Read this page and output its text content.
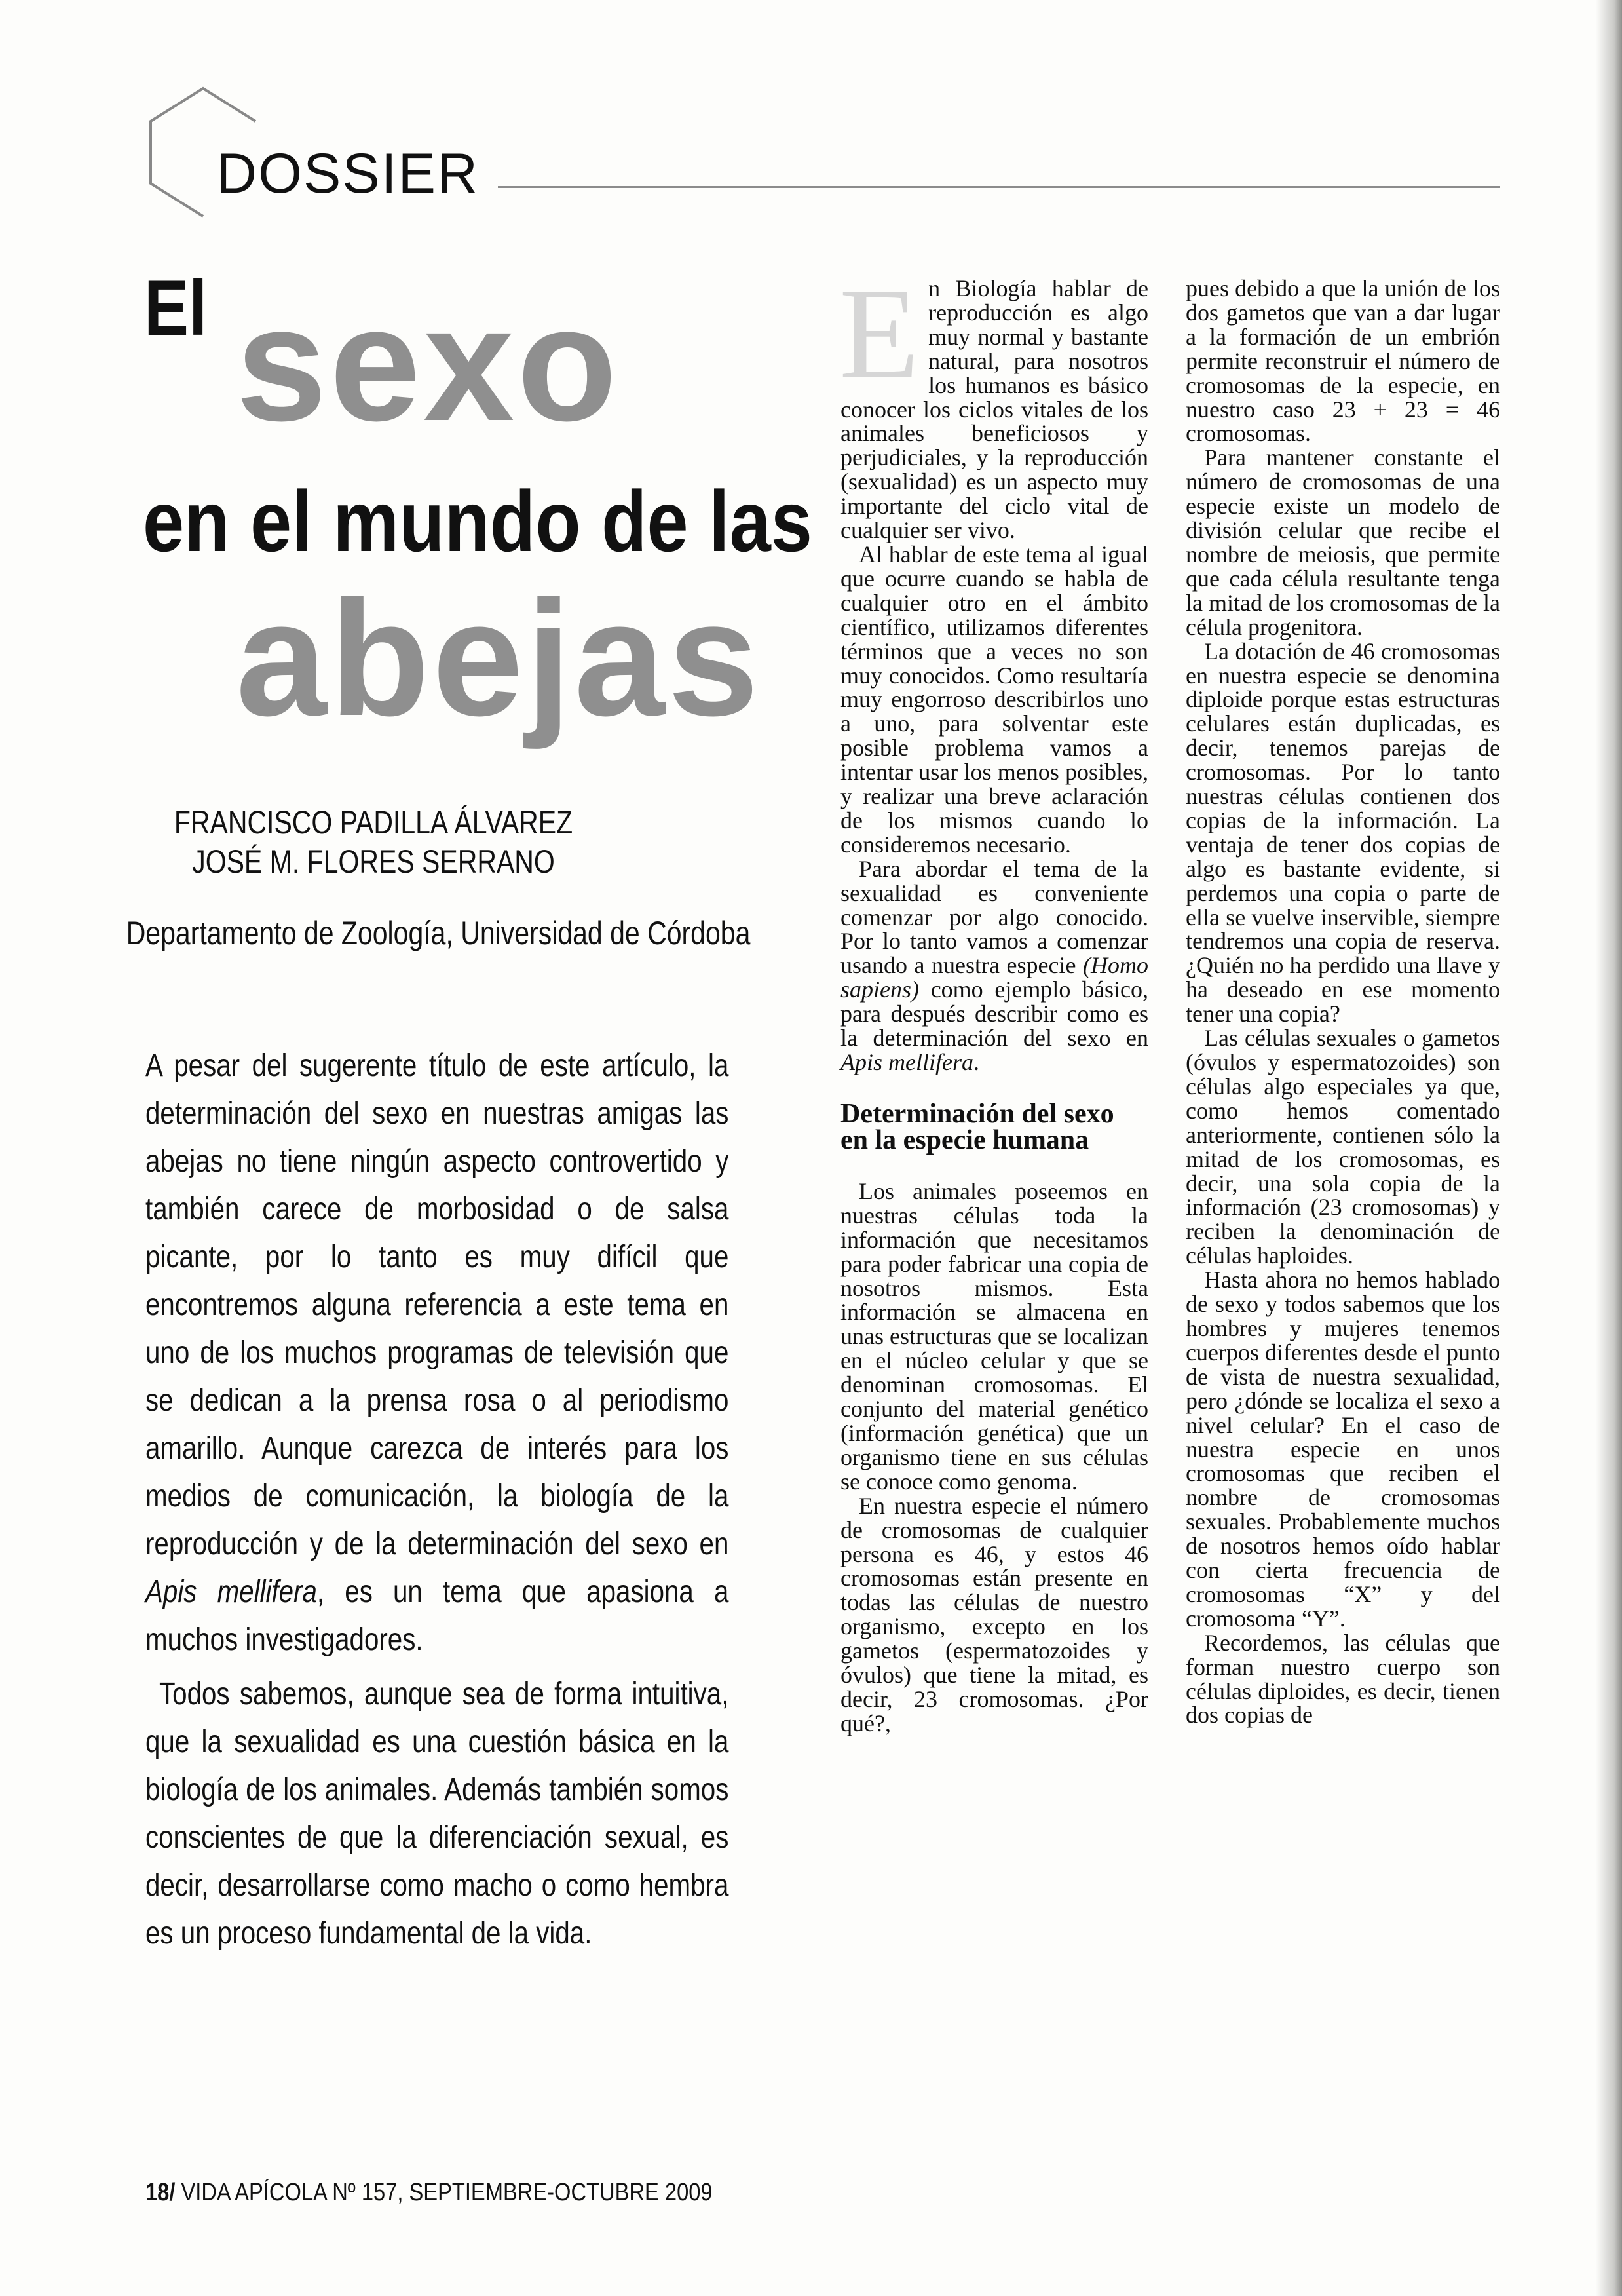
DOSSIER
El sexo
en el mundo de las
abejas
FRANCISCO PADILLA ÁLVAREZ
JOSÉ M. FLORES SERRANO
Departamento de Zoología, Universidad de Córdoba

A pesar del sugerente título de este artículo, la determinación del sexo en nuestras amigas las abejas no tiene ningún aspecto controvertido y también carece de morbosidad o de salsa picante, por lo tanto es muy difícil que encontremos alguna referencia a este tema en uno de los muchos programas de televisión que se dedican a la prensa rosa o al periodismo amarillo. Aunque carezca de interés para los medios de comunicación, la biología de la reproducción y de la determinación del sexo en Apis mellifera, es un tema que apasiona a muchos investigadores.

Todos sabemos, aunque sea de forma intuitiva, que la sexualidad es una cuestión básica en la biología de los animales. Además también somos conscientes de que la diferenciación sexual, es decir, desarrollarse como macho o como hembra es un proceso fundamental de la vida.

En Biología hablar de reproducción es algo muy normal y bastante natural, para nosotros los humanos es básico conocer los ciclos vitales de los animales beneficiosos y perjudiciales, y la reproducción (sexualidad) es un aspecto muy importante del ciclo vital de cualquier ser vivo.

Al hablar de este tema al igual que ocurre cuando se habla de cualquier otro en el ámbito científico, utilizamos diferentes términos que a veces no son muy conocidos. Como resultaría muy engorroso describirlos uno a uno, para solventar este posible problema vamos a intentar usar los menos posibles, y realizar una breve aclaración de los mismos cuando lo consideremos necesario.

Para abordar el tema de la sexualidad es conveniente comenzar por algo conocido. Por lo tanto vamos a comenzar usando a nuestra especie (Homo sapiens) como ejemplo básico, para después describir como es la determinación del sexo en Apis mellifera.

Determinación del sexo en la especie humana

Los animales poseemos en nuestras células toda la información que necesitamos para poder fabricar una copia de nosotros mismos. Esta información se almacena en unas estructuras que se localizan en el núcleo celular y que se denominan cromosomas. El conjunto del material genético (información genética) que un organismo tiene en sus células se conoce como genoma.

En nuestra especie el número de cromosomas de cualquier persona es 46, y estos 46 cromosomas están presente en todas las células de nuestro organismo, excepto en los gametos (espermatozoides y óvulos) que tiene la mitad, es decir, 23 cromosomas. ¿Por qué?,

pues debido a que la unión de los dos gametos que van a dar lugar a la formación de un embrión permite reconstruir el número de cromosomas de la especie, en nuestro caso 23 + 23 = 46 cromosomas.

Para mantener constante el número de cromosomas de una especie existe un modelo de división celular que recibe el nombre de meiosis, que permite que cada célula resultante tenga la mitad de los cromosomas de la célula progenitora.

La dotación de 46 cromosomas en nuestra especie se denomina diploide porque estas estructuras celulares están duplicadas, es decir, tenemos parejas de cromosomas. Por lo tanto nuestras células contienen dos copias de la información. La ventaja de tener dos copias de algo es bastante evidente, si perdemos una copia o parte de ella se vuelve inservible, siempre tendremos una copia de reserva. ¿Quién no ha perdido una llave y ha deseado en ese momento tener una copia?

Las células sexuales o gametos (óvulos y espermatozoides) son células algo especiales ya que, como hemos comentado anteriormente, contienen sólo la mitad de los cromosomas, es decir, una sola copia de la información (23 cromosomas) y reciben la denominación de células haploides.

Hasta ahora no hemos hablado de sexo y todos sabemos que los hombres y mujeres tenemos cuerpos diferentes desde el punto de vista de nuestra sexualidad, pero ¿dónde se localiza el sexo a nivel celular? En el caso de nuestra especie en unos cromosomas que reciben el nombre de cromosomas sexuales. Probablemente muchos de nosotros hemos oído hablar con cierta frecuencia de cromosomas “X” y del cromosoma “Y”.

Recordemos, las células que forman nuestro cuerpo son células diploides, es decir, tienen dos copias de

18/ VIDA APÍCOLA Nº 157, SEPTIEMBRE-OCTUBRE 2009
